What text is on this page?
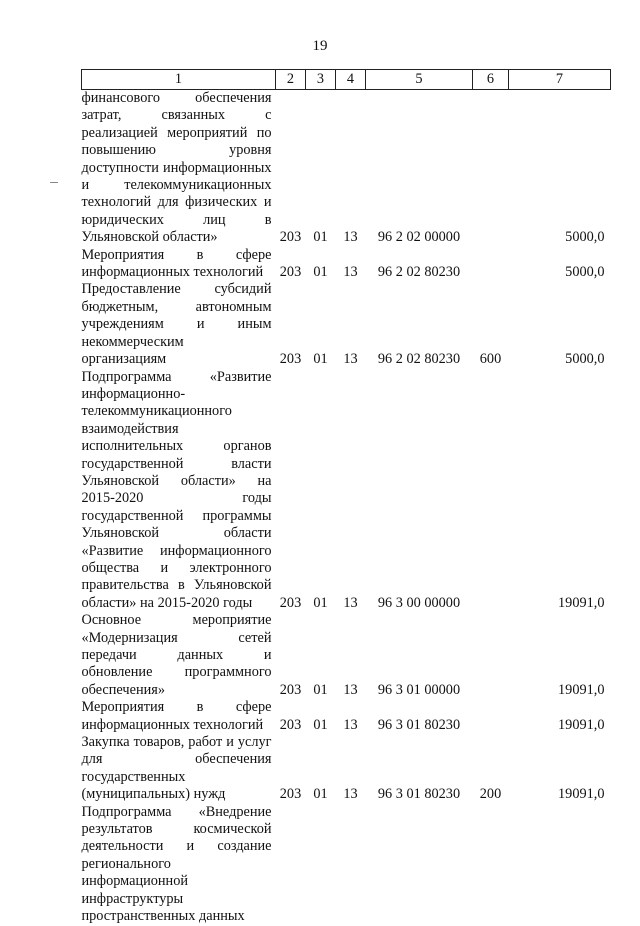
19
1	2	3	4	5	6	7
финансового обеспечения затрат, связанных с реализацией мероприятий по повышению уровня доступности информационных и телекоммуникационных технологий для физических и юридических лиц в Ульяновской области»	203	01	13	96 2 02 00000		5000,0
Мероприятия в сфере информационных технологий	203	01	13	96 2 02 80230		5000,0
Предоставление субсидий бюджетным, автономным учреждениям и иным некоммерческим организациям	203	01	13	96 2 02 80230	600	5000,0
Подпрограмма «Развитие информационно-телекоммуникационного взаимодействия исполнительных органов государственной власти Ульяновской области» на 2015-2020 годы государственной программы Ульяновской области «Развитие информационного общества и электронного правительства в Ульяновской области» на 2015-2020 годы	203	01	13	96 3 00 00000		19091,0
Основное мероприятие «Модернизация сетей передачи данных и обновление программного обеспечения»	203	01	13	96 3 01 00000		19091,0
Мероприятия в сфере информационных технологий	203	01	13	96 3 01 80230		19091,0
Закупка товаров, работ и услуг для обеспечения государственных (муниципальных) нужд	203	01	13	96 3 01 80230	200	19091,0
Подпрограмма «Внедрение результатов космической деятельности и создание регионального информационной инфраструктуры пространственных данных						
